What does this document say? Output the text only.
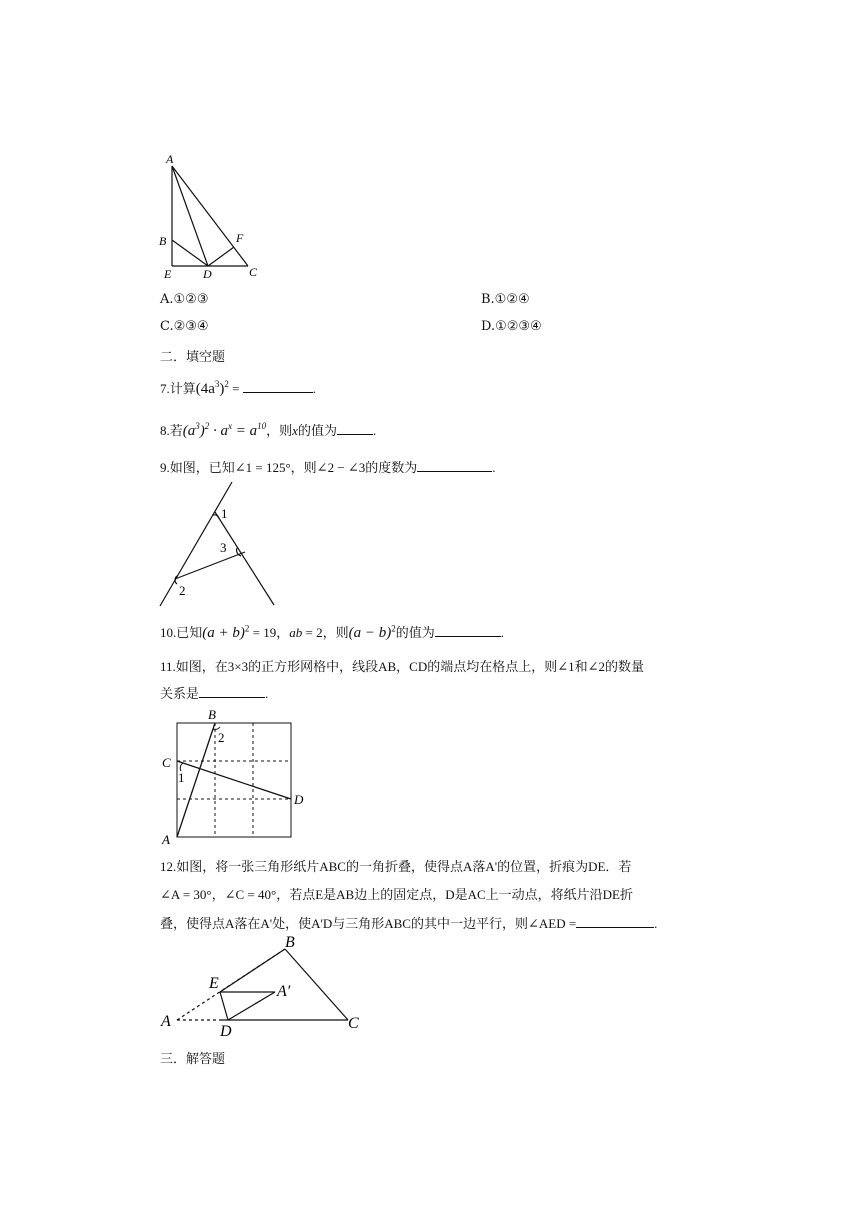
A
B
E	D
F
C
A.①②③	B.①②④
C.②③④	D.①②③④
二．填空题
7.计算$(4a^3)^2$ =	.
8.若$(a^3)^2 \cdot a^x = a^{10}$，则x的值为	.
9.如图，已知∠1 = 125°，则∠2 − ∠3的度数为	.
1
3
2
10.已知$(a + b)^2 = 19$，ab = 2，则$(a - b)^2$的值为	.
11.如图，在3×3的正方形网格中，线段AB，CD的端点均在格点上，则∠1和∠2的数量
关系是	.
B
2
C
1
D
A
12.如图，将一张三角形纸片ABC的一角折叠，使得点A落A'的位置，折痕为DE．若
∠A = 30°，∠C = 40°，若点E是AB边上的固定点，D是AC上一动点，将纸片沿DE折
叠，使得点A落在A'处，使A'D与三角形ABC的其中一边平行，则∠AED =	.
B
E	A′
A
D	C
三．解答题
